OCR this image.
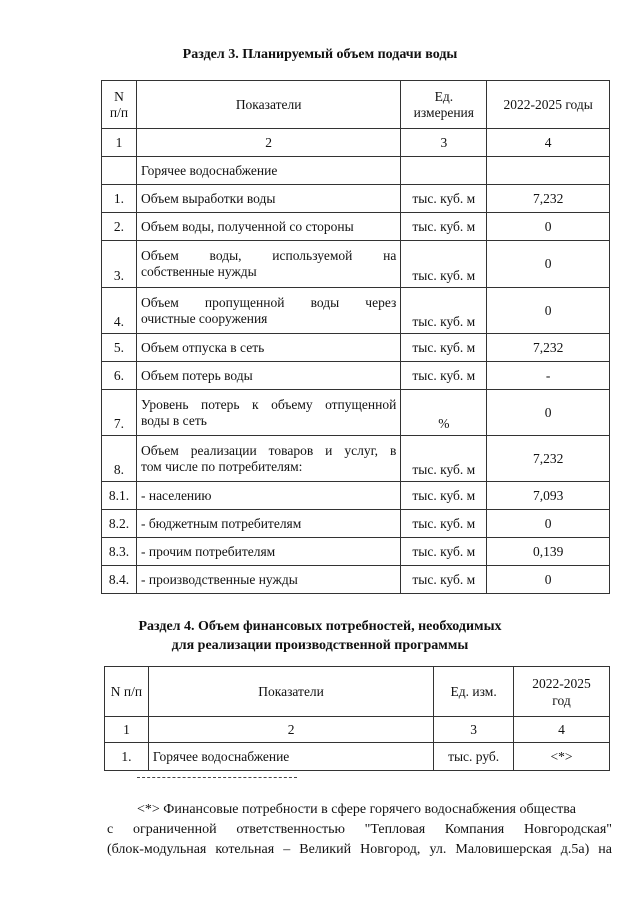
Раздел 3. Планируемый объем подачи воды
N п/п	Показатели	Ед. измерения	2022-2025 годы
1	2	3	4
	Горячее водоснабжение		
1.	Объем выработки воды	тыс. куб. м	7,232
2.	Объем воды, полученной со стороны	тыс. куб. м	0
3.	Объем воды, используемой на
собственные нужды	тыс. куб. м	0
4.	Объем пропущенной воды через
очистные сооружения	тыс. куб. м	0
5.	Объем отпуска в сеть	тыс. куб. м	7,232
6.	Объем потерь воды	тыс. куб. м	-
7.	Уровень потерь к объему отпущенной
воды в сеть	%	0
8.	Объем реализации товаров и услуг, в
том числе по потребителям:	тыс. куб. м	7,232
8.1.	- населению	тыс. куб. м	7,093
8.2.	- бюджетным потребителям	тыс. куб. м	0
8.3.	- прочим потребителям	тыс. куб. м	0,139
8.4.	- производственные нужды	тыс. куб. м	0
Раздел 4. Объем финансовых потребностей, необходимых
для реализации производственной программы
N п/п	Показатели	Ед. изм.	2022-2025 год
1	2	3	4
1.	Горячее водоснабжение	тыс. руб.	<*>
<*> Финансовые потребности в сфере горячего водоснабжения общества
с ограниченной ответственностью "Тепловая Компания Новгородская"
(блок-модульная котельная – Великий Новгород, ул. Маловишерская д.5а) на
